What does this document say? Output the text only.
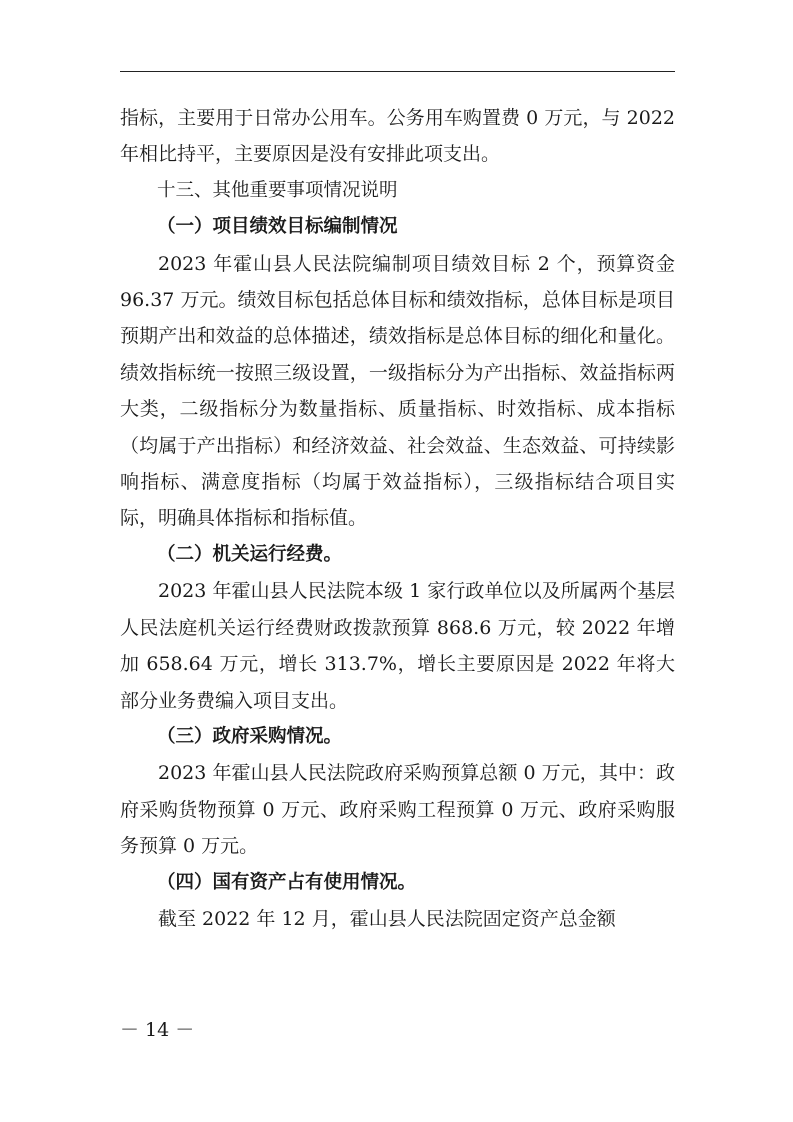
指标，主要用于日常办公用车。公务用车购置费 0 万元，与 2022 年相比持平，主要原因是没有安排此项支出。

十三、其他重要事项情况说明

（一）项目绩效目标编制情况

2023 年霍山县人民法院编制项目绩效目标 2 个，预算资金 96.37 万元。绩效目标包括总体目标和绩效指标，总体目标是项目预期产出和效益的总体描述，绩效指标是总体目标的细化和量化。绩效指标统一按照三级设置，一级指标分为产出指标、效益指标两大类，二级指标分为数量指标、质量指标、时效指标、成本指标（均属于产出指标）和经济效益、社会效益、生态效益、可持续影响指标、满意度指标（均属于效益指标），三级指标结合项目实际，明确具体指标和指标值。

（二）机关运行经费。

2023 年霍山县人民法院本级 1 家行政单位以及所属两个基层人民法庭机关运行经费财政拨款预算 868.6 万元，较 2022 年增加 658.64 万元，增长 313.7%，增长主要原因是 2022 年将大部分业务费编入项目支出。

（三）政府采购情况。

2023 年霍山县人民法院政府采购预算总额 0 万元，其中：政府采购货物预算 0 万元、政府采购工程预算 0 万元、政府采购服务预算 0 万元。

（四）国有资产占有使用情况。

截至 2022 年 12 月，霍山县人民法院固定资产总金额

－ 14 －
